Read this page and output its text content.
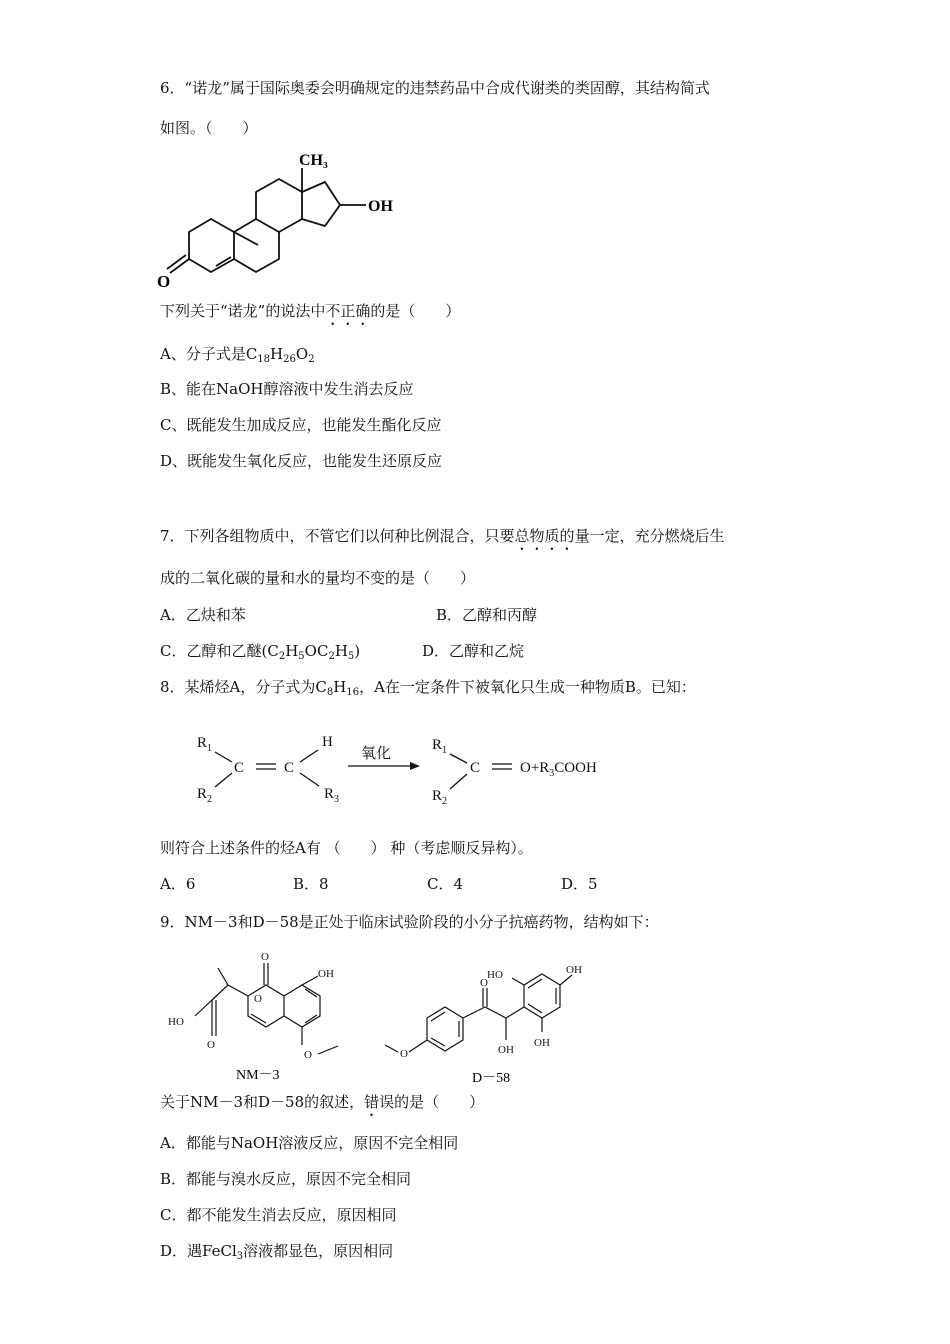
6．“诺龙”属于国际奥委会明确规定的违禁药品中合成代谢类的类固醇，其结构简式
如图。（　　）
CH₃
OH
O
下列关于“诺龙”的说法中不正确的是（　　）
A、分子式是$C_{18}H_{26}O_2$
B、能在NaOH醇溶液中发生消去反应
C、既能发生加成反应，也能发生酯化反应
D、既能发生氧化反应，也能发生还原反应
7．下列各组物质中，不管它们以何种比例混合，只要总物质的量一定，充分燃烧后生
成的二氧化碳的量和水的量均不变的是（　　）
A．乙炔和苯	B．乙醇和丙醇
C．乙醇和乙醚$(C_2H_5OC_2H_5)$	D．乙醇和乙烷
8．某烯烃A，分子式为$C_8H_{16}$，A在一定条件下被氧化只生成一种物质B。已知：
$R_1$
$R_2$
C	C
H
$R_3$
氧化
$R_1$
$R_2$
C	$O+R_3COOH$
则符合上述条件的烃A有 （　　） 种（考虑顺反异构）。
A．6	B．8	C．4	D．5
9．NM－3和D－58是正处于临床试验阶段的小分子抗癌药物，结构如下：
O
O
OH
HO
O
O
NM－3
HO	OH
OH
OH
O
O
D－58
关于NM－3和D－58的叙述，错误的是（　　）
A．都能与NaOH溶液反应，原因不完全相同
B．都能与溴水反应，原因不完全相同
C．都不能发生消去反应，原因相同
D．遇FeCl$_3$溶液都显色，原因相同
